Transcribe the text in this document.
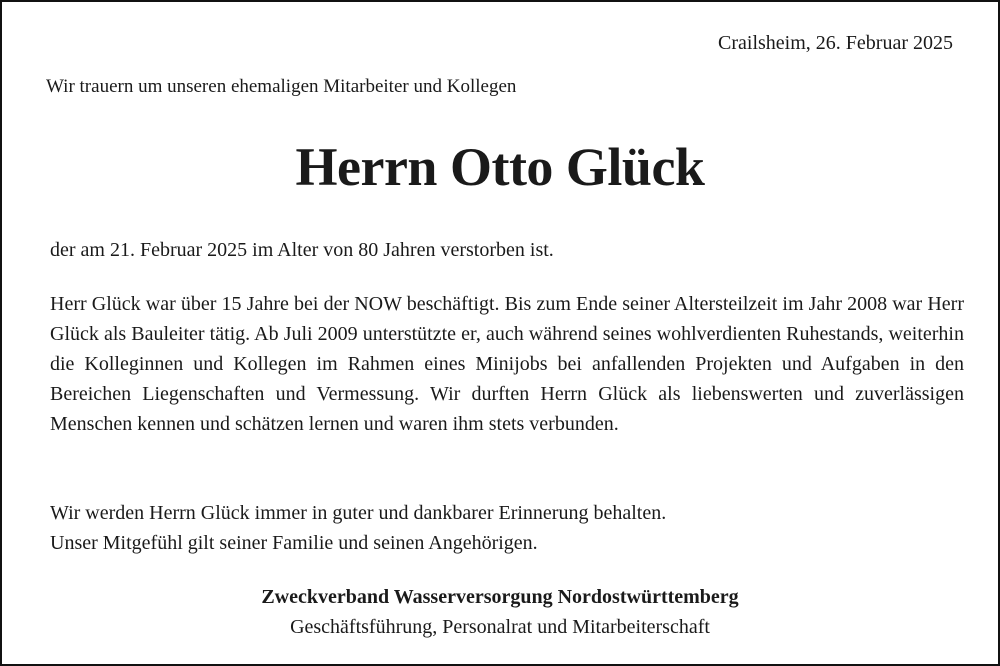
Crailsheim, 26. Februar 2025
Wir trauern um unseren ehemaligen Mitarbeiter und Kollegen
Herrn Otto Glück

der am 21. Februar 2025 im Alter von 80 Jahren verstorben ist.

Herr Glück war über 15 Jahre bei der NOW beschäftigt. Bis zum Ende seiner Altersteilzeit im Jahr 2008 war Herr Glück als Bauleiter tätig. Ab Juli 2009 unterstützte er, auch während seines wohlverdienten Ruhestands, weiterhin die Kolleginnen und Kollegen im Rahmen eines Minijobs bei anfallenden Projekten und Aufgaben in den Bereichen Liegenschaften und Vermessung. Wir durften Herrn Glück als liebenswerten und zuverlässigen Menschen kennen und schätzen lernen und waren ihm stets verbunden.

Wir werden Herrn Glück immer in guter und dankbarer Erinnerung behalten.

Unser Mitgefühl gilt seiner Familie und seinen Angehörigen.

Zweckverband Wasserversorgung Nordostwürttemberg
Geschäftsführung, Personalrat und Mitarbeiterschaft
